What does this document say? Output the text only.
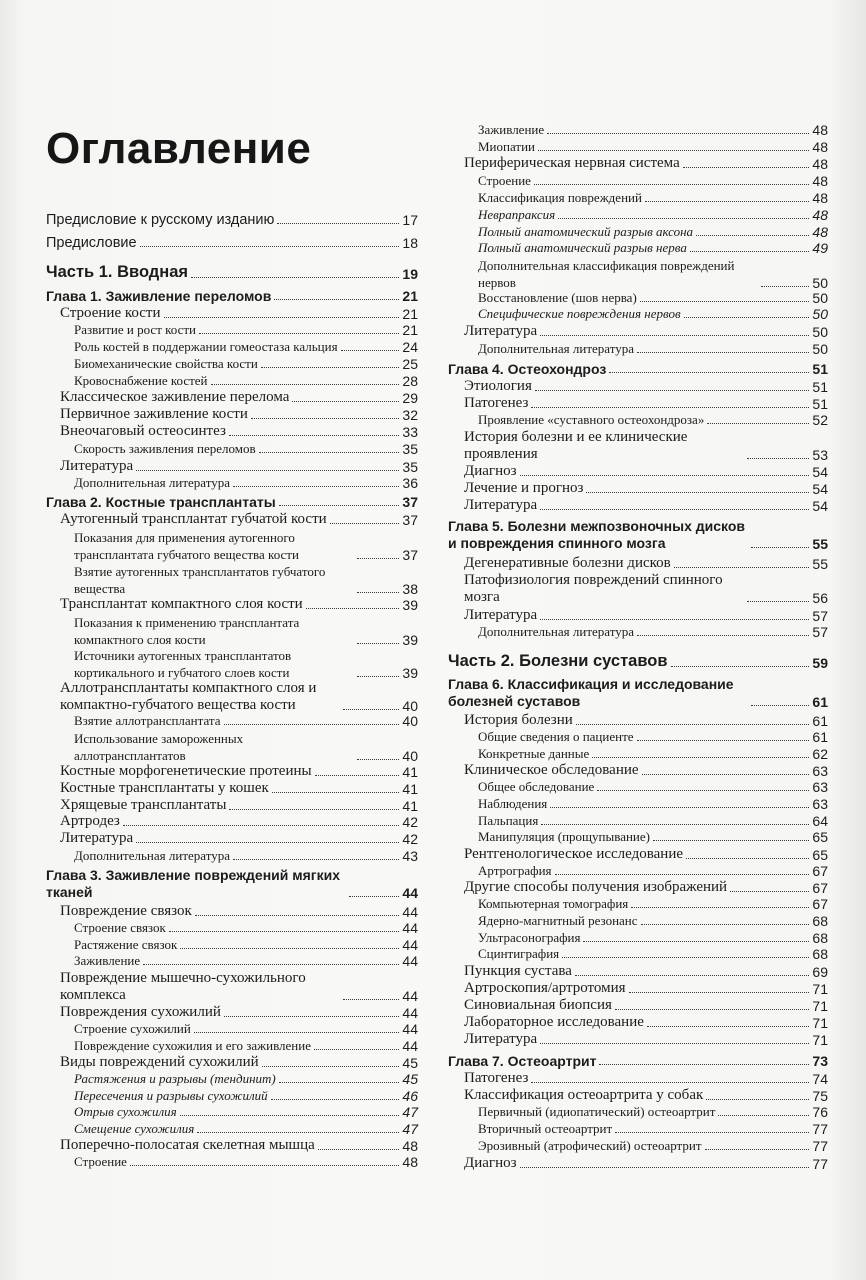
Оглавление
Предисловие к русскому изданию	17
Предисловие	18
Часть 1. Вводная	19
Глава 1. Заживление переломов	21
Строение кости	21
Развитие и рост кости	21
Роль костей в поддержании гомеостаза кальция	24
Биомеханические свойства кости	25
Кровоснабжение костей	28
Классическое заживление перелома	29
Первичное заживление кости	32
Внеочаговый остеосинтез	33
Скорость заживления переломов	35
Литература	35
Дополнительная литература	36
Глава 2. Костные трансплантаты	37
Аутогенный трансплантат губчатой кости	37
Показания для применения аутогенного трансплантата губчатого вещества кости	37
Взятие аутогенных трансплантатов губчатого вещества	38
Трансплантат компактного слоя кости	39
Показания к применению трансплантата компактного слоя кости	39
Источники аутогенных трансплантатов кортикального и губчатого слоев кости	39
Аллотрансплантаты компактного слоя и компактно-губчатого вещества кости	40
Взятие аллотрансплантата	40
Использование замороженных аллотрансплантатов	40
Костные морфогенетические протеины	41
Костные трансплантаты у кошек	41
Хрящевые трансплантаты	41
Артродез	42
Литература	42
Дополнительная литература	43
Глава 3. Заживление повреждений мягких тканей	44
Повреждение связок	44
Строение связок	44
Растяжение связок	44
Заживление	44
Повреждение мышечно-сухожильного комплекса	44
Повреждения сухожилий	44
Строение сухожилий	44
Повреждение сухожилия и его заживление	44
Виды повреждений сухожилий	45
Растяжения и разрывы (тендинит)	45
Пересечения и разрывы сухожилий	46
Отрыв сухожилия	47
Смещение сухожилия	47
Поперечно-полосатая скелетная мышца	48
Строение	48
Заживление	48
Миопатии	48
Периферическая нервная система	48
Строение	48
Классификация повреждений	48
Неврапраксия	48
Полный анатомический разрыв аксона	48
Полный анатомический разрыв нерва	49
Дополнительная классификация повреждений нервов	50
Восстановление (шов нерва)	50
Специфические повреждения нервов	50
Литература	50
Дополнительная литература	50
Глава 4. Остеохондроз	51
Этиология	51
Патогенез	51
Проявление «суставного остеохондроза»	52
История болезни и ее клинические проявления	53
Диагноз	54
Лечение и прогноз	54
Литература	54
Глава 5. Болезни межпозвоночных дисков и повреждения спинного мозга	55
Дегенеративные болезни дисков	55
Патофизиология повреждений спинного мозга	56
Литература	57
Дополнительная литература	57
Часть 2. Болезни суставов	59
Глава 6. Классификация и исследование болезней суставов	61
История болезни	61
Общие сведения о пациенте	61
Конкретные данные	62
Клиническое обследование	63
Общее обследование	63
Наблюдения	63
Пальпация	64
Манипуляция (прощупывание)	65
Рентгенологическое исследование	65
Артрография	67
Другие способы получения изображений	67
Компьютерная томография	67
Ядерно-магнитный резонанс	68
Ультрасонография	68
Сцинтиграфия	68
Пункция сустава	69
Артроскопия/артротомия	71
Синовиальная биопсия	71
Лабораторное исследование	71
Литература	71
Глава 7. Остеоартрит	73
Патогенез	74
Классификация остеоартрита у собак	75
Первичный (идиопатический) остеоартрит	76
Вторичный остеоартрит	77
Эрозивный (атрофический) остеоартрит	77
Диагноз	77
